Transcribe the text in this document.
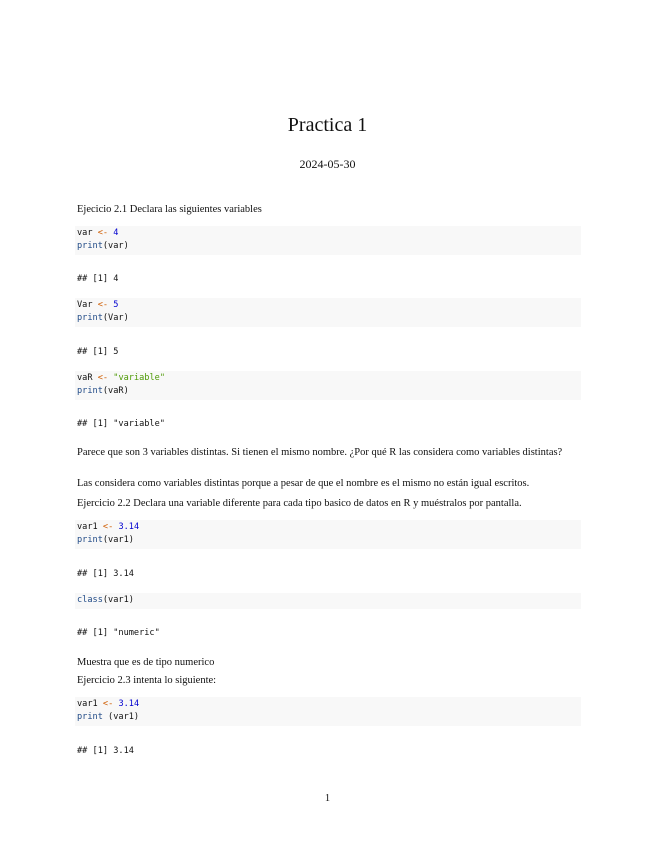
Practica 1
2024-05-30
Ejecicio 2.1 Declara las siguientes variables
var <- 4
print(var)
## [1] 4
Var <- 5
print(Var)
## [1] 5
vaR <- "variable"
print(vaR)
## [1] "variable"
Parece que son 3 variables distintas. Si tienen el mismo nombre. ¿Por qué R las considera como variables distintas?
Las considera como variables distintas porque a pesar de que el nombre es el mismo no están igual escritos.
Ejercicio 2.2 Declara una variable diferente para cada tipo basico de datos en R y muéstralos por pantalla.
var1 <- 3.14
print(var1)
## [1] 3.14
class(var1)
## [1] "numeric"
Muestra que es de tipo numerico
Ejercicio 2.3 intenta lo siguiente:
var1 <- 3.14
print (var1)
## [1] 3.14
1
